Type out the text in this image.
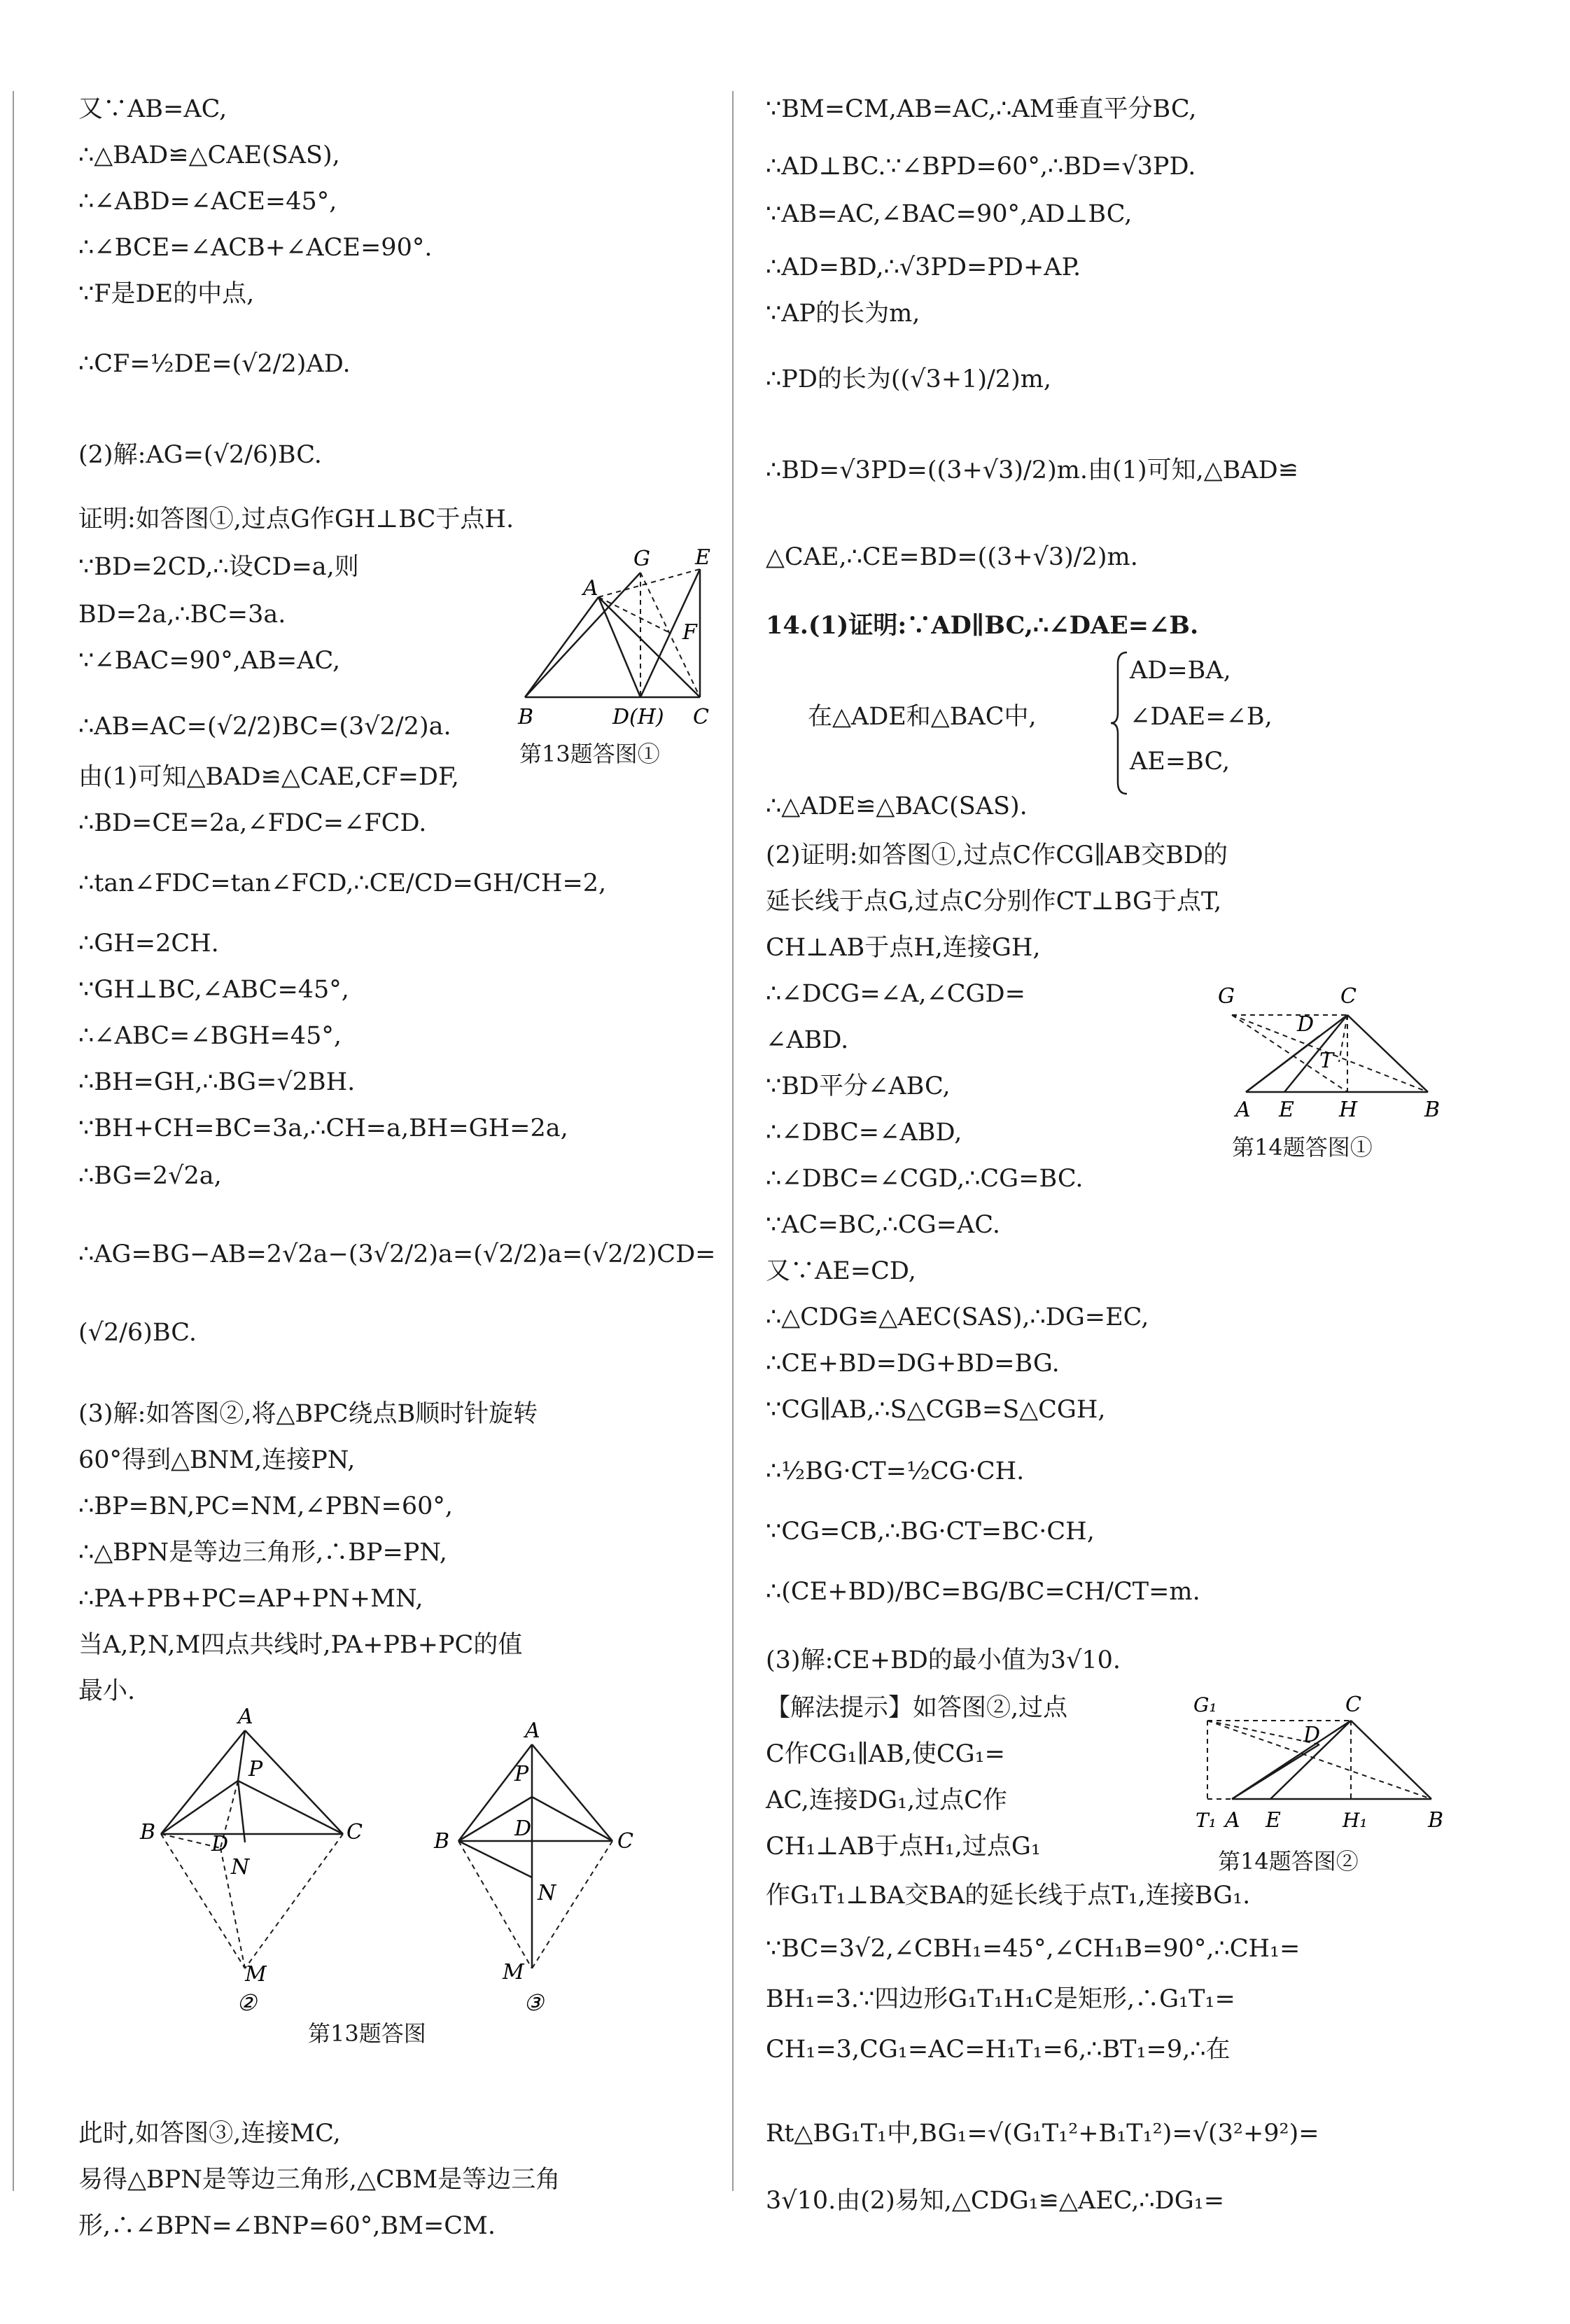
又∵AB=AC,
∴△BAD≌△CAE(SAS),
∴∠ABD=∠ACE=45°,
∴∠BCE=∠ACB+∠ACE=90°.
∵F是DE的中点,
∴CF=½DE=(√2/2)AD.
(2)解:AG=(√2/6)BC.
证明:如答图①,过点G作GH⊥BC于点H.
∵BD=2CD,∴设CD=a,则
BD=2a,∴BC=3a.
∵∠BAC=90°,AB=AC,
∴AB=AC=(√2/2)BC=(3√2/2)a.
由(1)可知△BAD≌△CAE,CF=DF,
∴BD=CE=2a,∠FDC=∠FCD.
∴tan∠FDC=tan∠FCD,∴CE/CD=GH/CH=2,
∴GH=2CH.
∵GH⊥BC,∠ABC=45°,
∴∠ABC=∠BGH=45°,
∴BH=GH,∴BG=√2BH.
∵BH+CH=BC=3a,∴CH=a,BH=GH=2a,
∴BG=2√2a,
∴AG=BG−AB=2√2a−(3√2/2)a=(√2/2)a=(√2/2)CD=
(√2/6)BC.
(3)解:如答图②,将△BPC绕点B顺时针旋转
60°得到△BNM,连接PN,
∴BP=BN,PC=NM,∠PBN=60°,
∴△BPN是等边三角形,∴BP=PN,
∴PA+PB+PC=AP+PN+MN,
当A,P,N,M四点共线时,PA+PB+PC的值
最小.
此时,如答图③,连接MC,
易得△BPN是等边三角形,△CBM是等边三角
形,∴∠BPN=∠BNP=60°,BM=CM.
G E
A
F
B	D(H) C
第13题答图①
A
P
B	D	C
N
M
②
A
P
D
B	C
N
M
③
第13题答图
∵BM=CM,AB=AC,∴AM垂直平分BC,
∴AD⊥BC.∵∠BPD=60°,∴BD=√3PD.
∵AB=AC,∠BAC=90°,AD⊥BC,
∴AD=BD,∴√3PD=PD+AP.
∵AP的长为m,
∴PD的长为((√3+1)/2)m,
∴BD=√3PD=((3+√3)/2)m.由(1)可知,△BAD≌
△CAE,∴CE=BD=((3+√3)/2)m.
14.(1)证明:∵AD∥BC,∴∠DAE=∠B.
AD=BA,
在△ADE和△BAC中,	∠DAE=∠B,
AE=BC,
∴△ADE≌△BAC(SAS).
(2)证明:如答图①,过点C作CG∥AB交BD的
延长线于点G,过点C分别作CT⊥BG于点T,
CH⊥AB于点H,连接GH,
∴∠DCG=∠A,∠CGD=
∠ABD.
∵BD平分∠ABC,
∴∠DBC=∠ABD,
∴∠DBC=∠CGD,∴CG=BC.
∵AC=BC,∴CG=AC.
又∵AE=CD,
∴△CDG≌△AEC(SAS),∴DG=EC,
∴CE+BD=DG+BD=BG.
∵CG∥AB,∴S△CGB=S△CGH,
∴½BG·CT=½CG·CH.
∵CG=CB,∴BG·CT=BC·CH,
∴(CE+BD)/BC=BG/BC=CH/CT=m.
(3)解:CE+BD的最小值为3√10.
【解法提示】如答图②,过点
C作CG₁∥AB,使CG₁=
AC,连接DG₁,过点C作
CH₁⊥AB于点H₁,过点G₁
作G₁T₁⊥BA交BA的延长线于点T₁,连接BG₁.
∵BC=3√2,∠CBH₁=45°,∠CH₁B=90°,∴CH₁=
BH₁=3.∵四边形G₁T₁H₁C是矩形,∴G₁T₁=
CH₁=3,CG₁=AC=H₁T₁=6,∴BT₁=9,∴在
Rt△BG₁T₁中,BG₁=√(G₁T₁²+B₁T₁²)=√(3²+9²)=
3√10.由(2)易知,△CDG₁≌△AEC,∴DG₁=
G	C
D
T
A E H	B
第14题答图①
G₁	C
D
T₁ A E	H₁	B
第14题答图②
